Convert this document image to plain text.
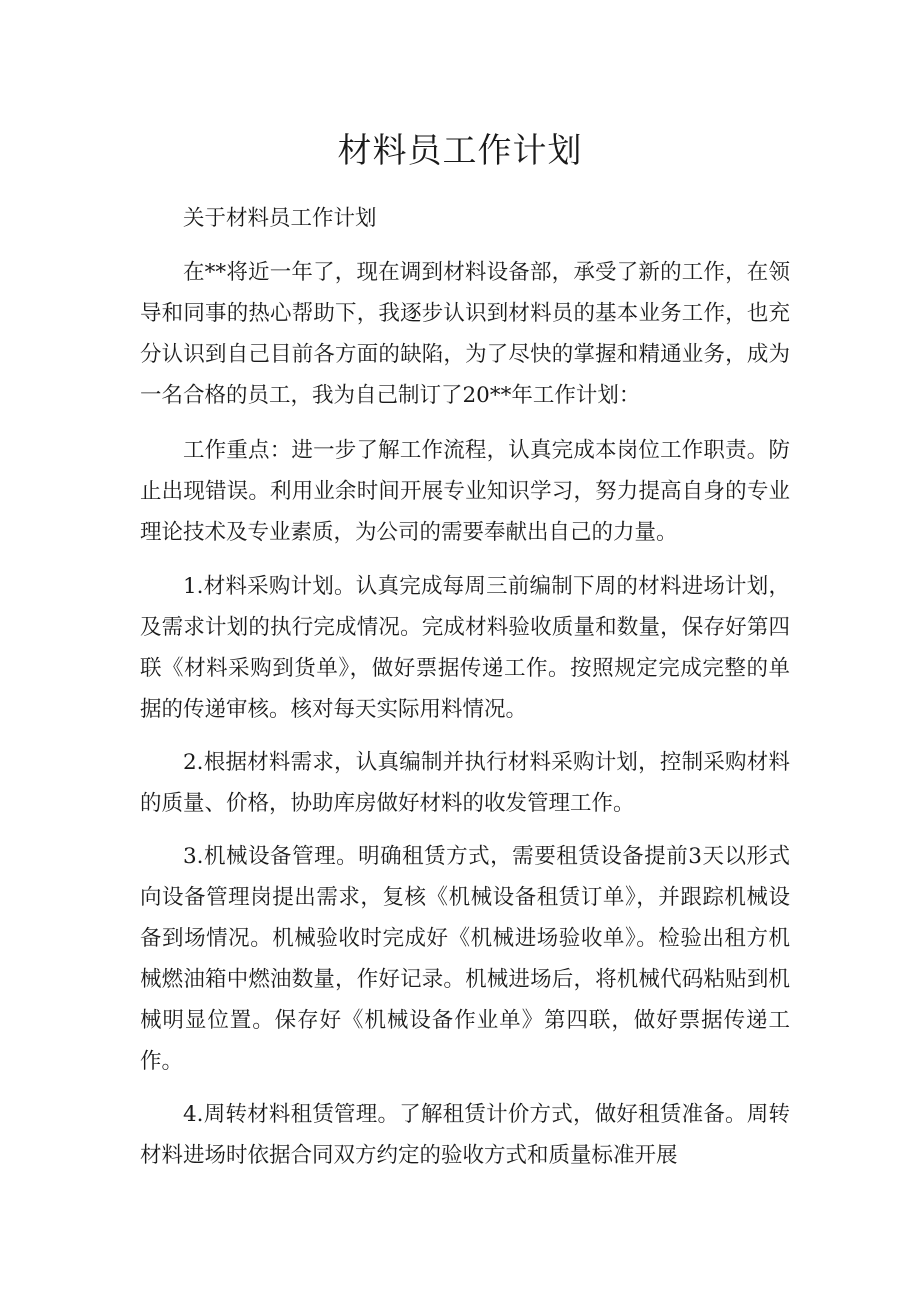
材料员工作计划

关于材料员工作计划

在**将近一年了，现在调到材料设备部，承受了新的工作，在领导和同事的热心帮助下，我逐步认识到材料员的基本业务工作，也充分认识到自己目前各方面的缺陷，为了尽快的掌握和精通业务，成为一名合格的员工，我为自己制订了20**年工作计划：

工作重点：进一步了解工作流程，认真完成本岗位工作职责。防止出现错误。利用业余时间开展专业知识学习，努力提高自身的专业理论技术及专业素质，为公司的需要奉献出自己的力量。

1.材料采购计划。认真完成每周三前编制下周的材料进场计划，及需求计划的执行完成情况。完成材料验收质量和数量，保存好第四联《材料采购到货单》，做好票据传递工作。按照规定完成完整的单据的传递审核。核对每天实际用料情况。

2.根据材料需求，认真编制并执行材料采购计划，控制采购材料的质量、价格，协助库房做好材料的收发管理工作。

3.机械设备管理。明确租赁方式，需要租赁设备提前3天以形式向设备管理岗提出需求，复核《机械设备租赁订单》，并跟踪机械设备到场情况。机械验收时完成好《机械进场验收单》。检验出租方机械燃油箱中燃油数量，作好记录。机械进场后，将机械代码粘贴到机械明显位置。保存好《机械设备作业单》第四联，做好票据传递工作。

4.周转材料租赁管理。了解租赁计价方式，做好租赁准备。周转材料进场时依据合同双方约定的验收方式和质量标准开展
